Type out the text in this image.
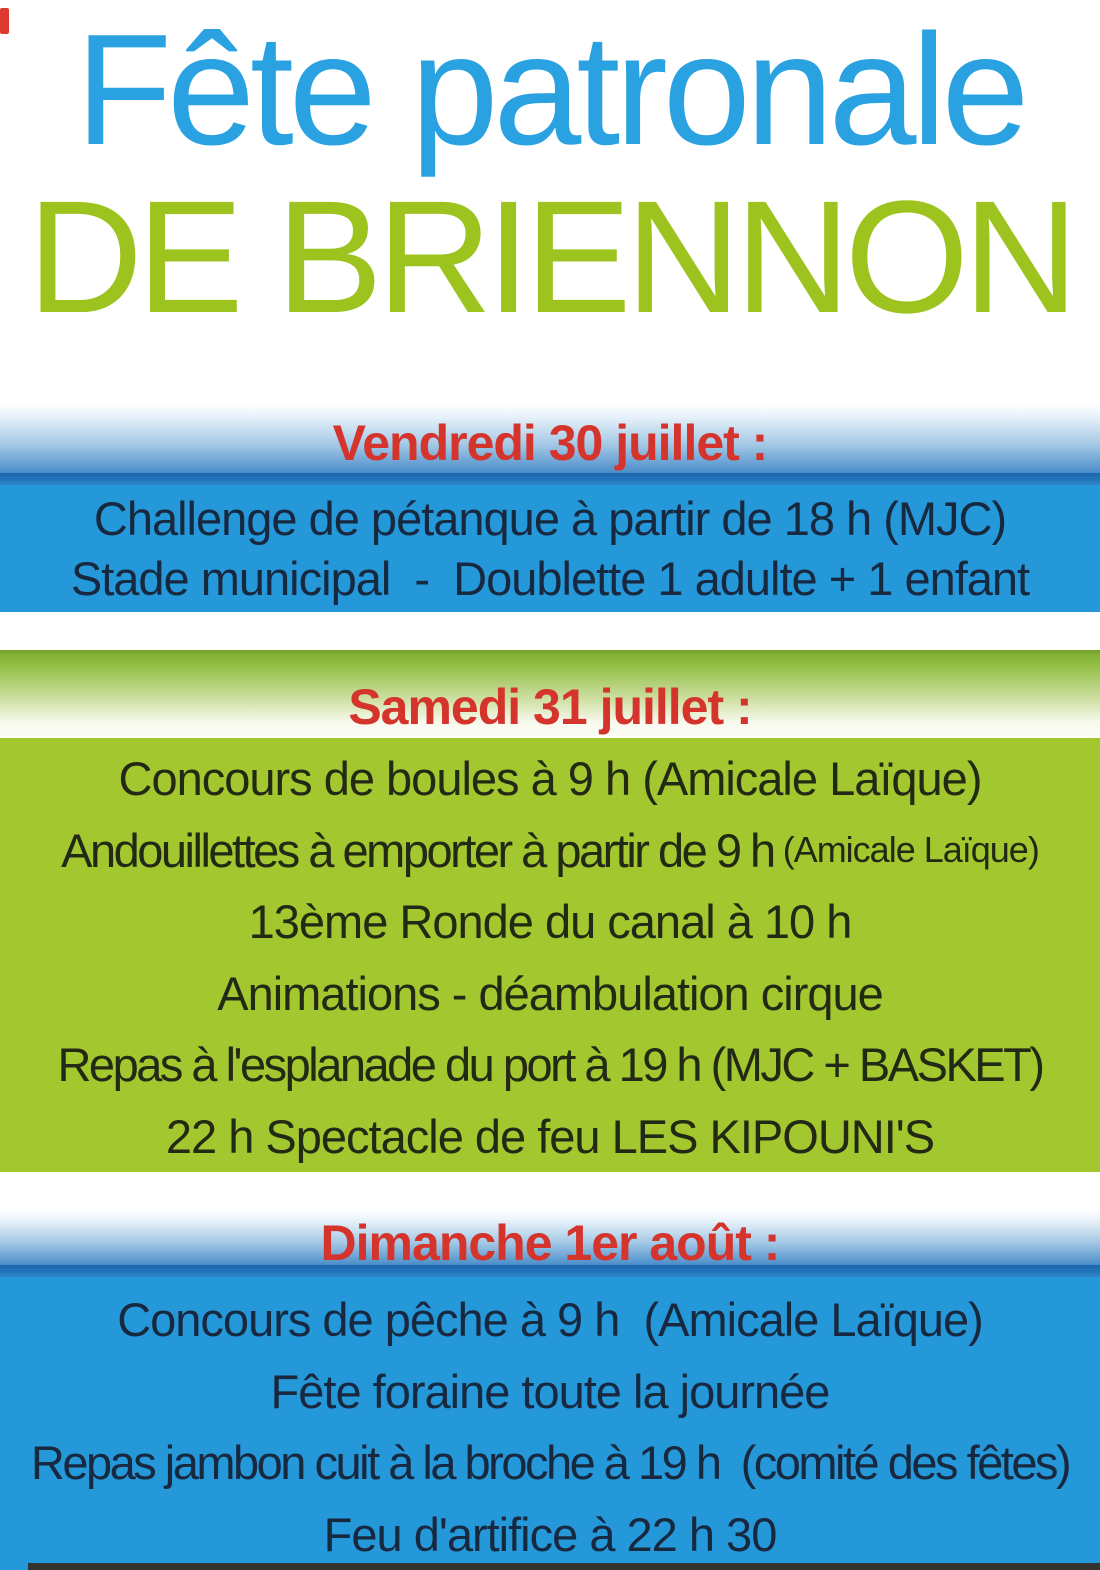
Fête patronale
DE BRIENNON
Vendredi 30 juillet :
Challenge de pétanque à partir de 18 h (MJC)
Stade municipal  -  Doublette 1 adulte + 1 enfant
Samedi 31 juillet :
Concours de boules à 9 h (Amicale Laïque)
Andouillettes à emporter à partir de 9 h (Amicale Laïque)
13ème Ronde du canal à 10 h
Animations - déambulation cirque
Repas à l'esplanade du port à 19 h (MJC + BASKET)
22 h Spectacle de feu LES KIPOUNI'S
Dimanche 1er août :
Concours de pêche à 9 h  (Amicale Laïque)
Fête foraine toute la journée
Repas jambon cuit à la broche à 19 h  (comité des fêtes)
Feu d'artifice à 22 h 30
